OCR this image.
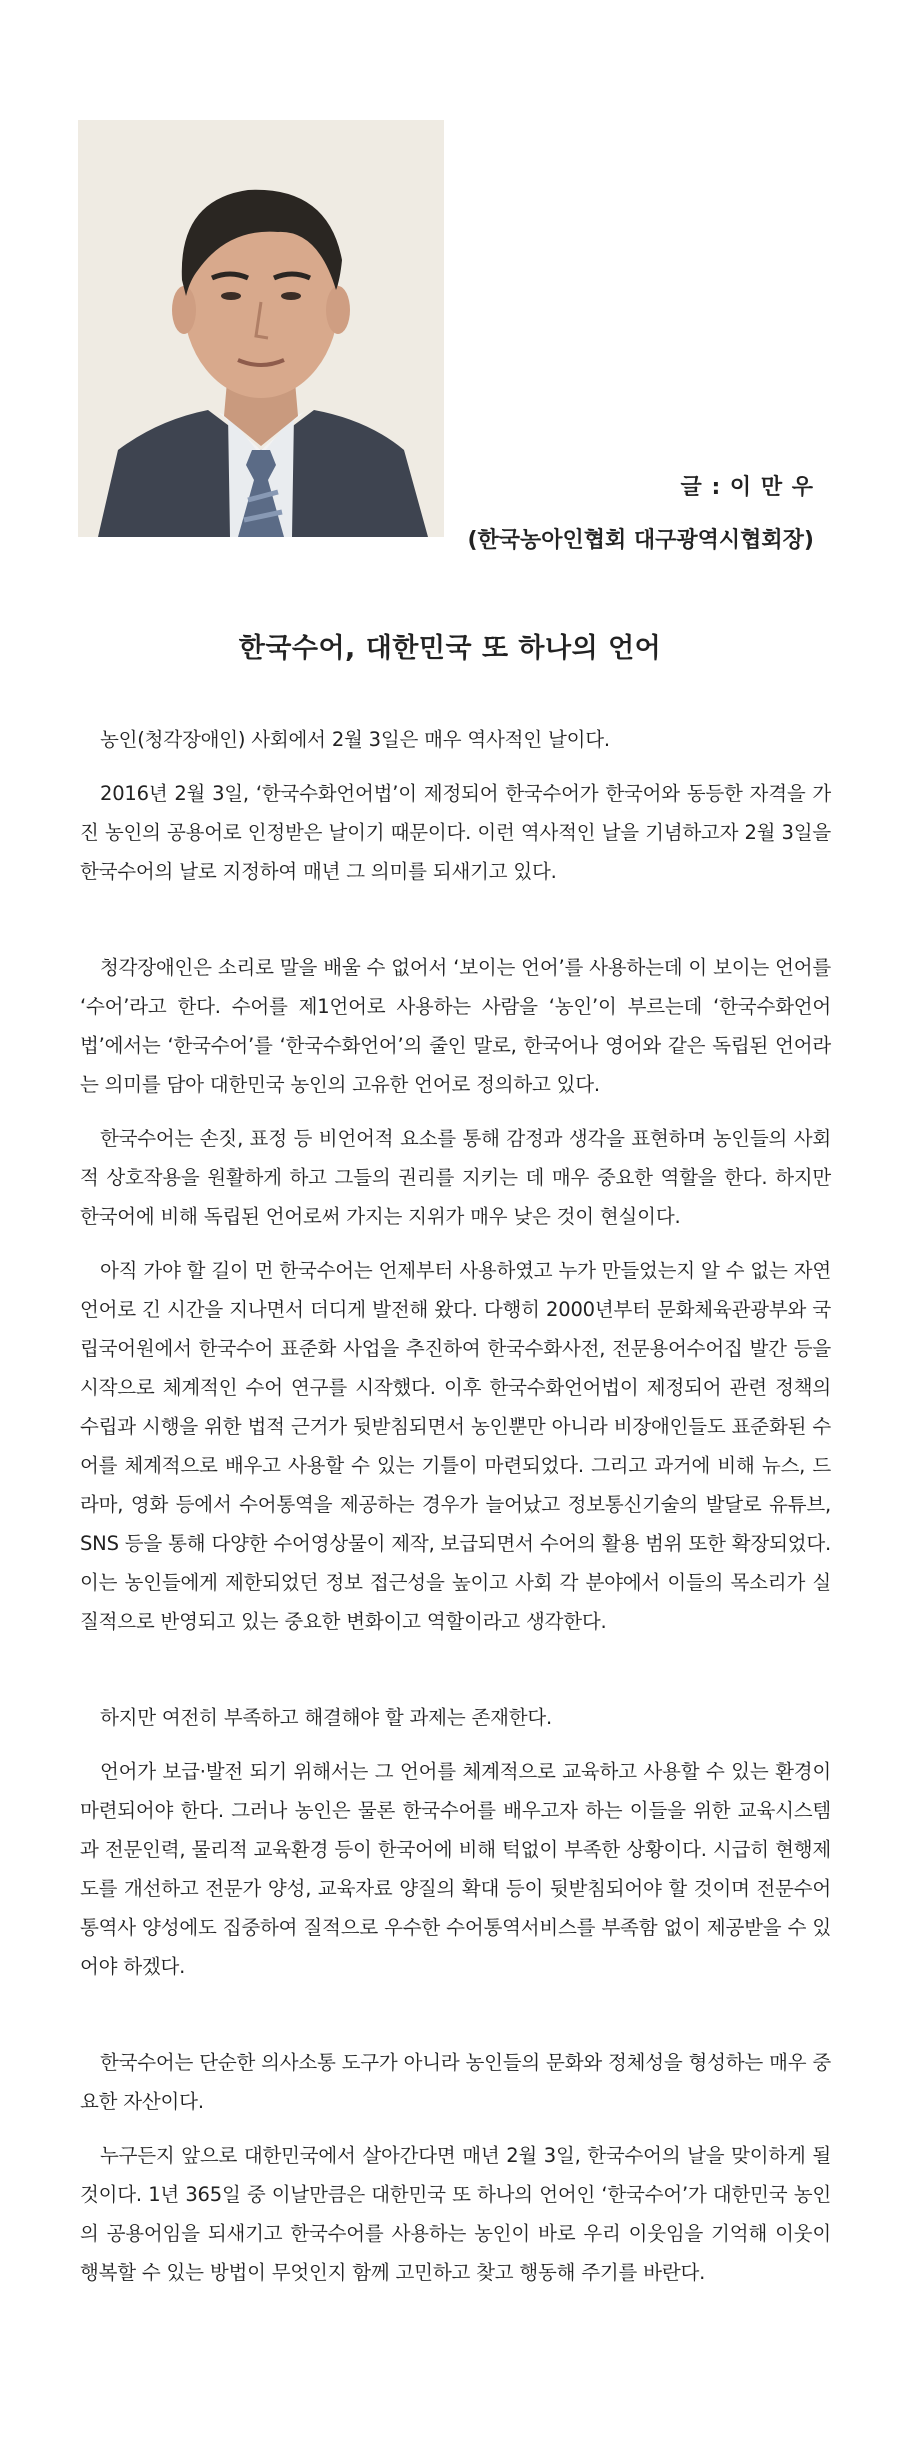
글 : 이 만 우
(한국농아인협회 대구광역시협회장)
한국수어, 대한민국 또 하나의 언어

농인(청각장애인) 사회에서 2월 3일은 매우 역사적인 날이다.

2016년 2월 3일, ‘한국수화언어법’이 제정되어 한국수어가 한국어와 동등한 자격을 가진 농인의 공용어로 인정받은 날이기 때문이다. 이런 역사적인 날을 기념하고자 2월 3일을 한국수어의 날로 지정하여 매년 그 의미를 되새기고 있다.

청각장애인은 소리로 말을 배울 수 없어서 ‘보이는 언어’를 사용하는데 이 보이는 언어를 ‘수어’라고 한다. 수어를 제1언어로 사용하는 사람을 ‘농인’이 부르는데 ‘한국수화언어법’에서는 ‘한국수어’를 ‘한국수화언어’의 줄인 말로, 한국어나 영어와 같은 독립된 언어라는 의미를 담아 대한민국 농인의 고유한 언어로 정의하고 있다.

한국수어는 손짓, 표정 등 비언어적 요소를 통해 감정과 생각을 표현하며 농인들의 사회적 상호작용을 원활하게 하고 그들의 권리를 지키는 데 매우 중요한 역할을 한다. 하지만 한국어에 비해 독립된 언어로써 가지는 지위가 매우 낮은 것이 현실이다.

아직 가야 할 길이 먼 한국수어는 언제부터 사용하였고 누가 만들었는지 알 수 없는 자연언어로 긴 시간을 지나면서 더디게 발전해 왔다. 다행히 2000년부터 문화체육관광부와 국립국어원에서 한국수어 표준화 사업을 추진하여 한국수화사전, 전문용어수어집 발간 등을 시작으로 체계적인 수어 연구를 시작했다. 이후 한국수화언어법이 제정되어 관련 정책의 수립과 시행을 위한 법적 근거가 뒷받침되면서 농인뿐만 아니라 비장애인들도 표준화된 수어를 체계적으로 배우고 사용할 수 있는 기틀이 마련되었다. 그리고 과거에 비해 뉴스, 드라마, 영화 등에서 수어통역을 제공하는 경우가 늘어났고 정보통신기술의 발달로 유튜브, SNS 등을 통해 다양한 수어영상물이 제작, 보급되면서 수어의 활용 범위 또한 확장되었다. 이는 농인들에게 제한되었던 정보 접근성을 높이고 사회 각 분야에서 이들의 목소리가 실질적으로 반영되고 있는 중요한 변화이고 역할이라고 생각한다.

하지만 여전히 부족하고 해결해야 할 과제는 존재한다.

언어가 보급·발전 되기 위해서는 그 언어를 체계적으로 교육하고 사용할 수 있는 환경이 마련되어야 한다. 그러나 농인은 물론 한국수어를 배우고자 하는 이들을 위한 교육시스템과 전문인력, 물리적 교육환경 등이 한국어에 비해 턱없이 부족한 상황이다. 시급히 현행제도를 개선하고 전문가 양성, 교육자료 양질의 확대 등이 뒷받침되어야 할 것이며 전문수어통역사 양성에도 집중하여 질적으로 우수한 수어통역서비스를 부족함 없이 제공받을 수 있어야 하겠다.

한국수어는 단순한 의사소통 도구가 아니라 농인들의 문화와 정체성을 형성하는 매우 중요한 자산이다.

누구든지 앞으로 대한민국에서 살아간다면 매년 2월 3일, 한국수어의 날을 맞이하게 될 것이다. 1년 365일 중 이날만큼은 대한민국 또 하나의 언어인 ‘한국수어’가 대한민국 농인의 공용어임을 되새기고 한국수어를 사용하는 농인이 바로 우리 이웃임을 기억해 이웃이 행복할 수 있는 방법이 무엇인지 함께 고민하고 찾고 행동해 주기를 바란다.
